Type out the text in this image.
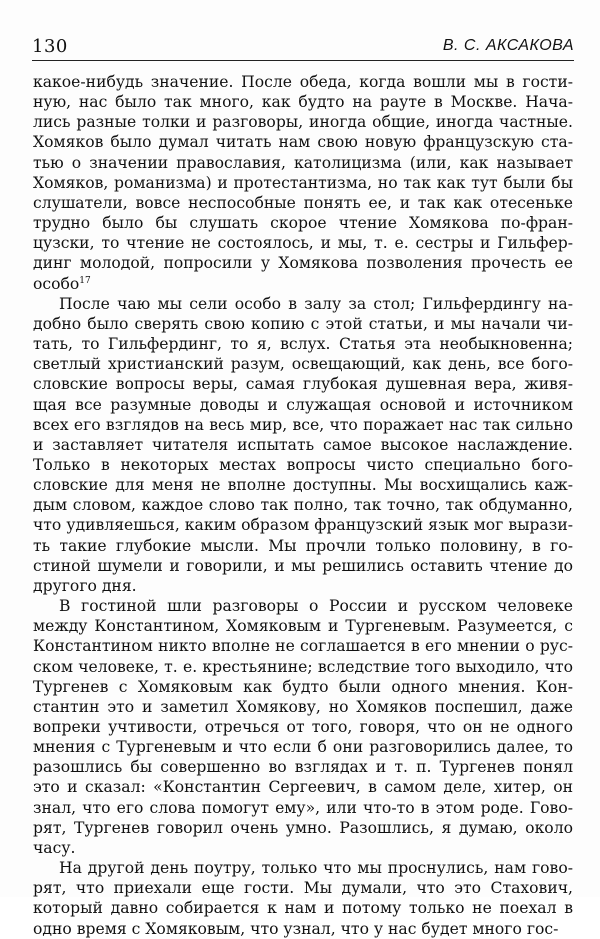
130	В. С. АКСАКОВА

какое-нибудь значение. После обеда, когда вошли мы в гостиную, нас было так много, как будто на рауте в Москве. Начались разные толки и разговоры, иногда общие, иногда частные. Хомяков было думал читать нам свою новую французскую статью о значении православия, католицизма (или, как называет Хомяков, романизма) и протестантизма, но так как тут были бы слушатели, вовсе неспособные понять ее, и так как отесеньке трудно было бы слушать скорое чтение Хомякова по-французски, то чтение не состоялось, и мы, т. е. сестры и Гильфердинг молодой, попросили у Хомякова позволения прочесть ее особо$^{17}$

После чаю мы сели особо в залу за стол; Гильфердингу надобно было сверять свою копию с этой статьи, и мы начали читать, то Гильфердинг, то я, вслух. Статья эта необыкновенна; светлый христианский разум, освещающий, как день, все богословские вопросы веры, самая глубокая душевная вера, живящая все разумные доводы и служащая основой и источником всех его взглядов на весь мир, все, что поражает нас так сильно и заставляет читателя испытать самое высокое наслаждение. Только в некоторых местах вопросы чисто специально богословские для меня не вполне доступны. Мы восхищались каждым словом, каждое слово так полно, так точно, так обдуманно, что удивляешься, каким образом французский язык мог выразить такие глубокие мысли. Мы прочли только половину, в гостиной шумели и говорили, и мы решились оставить чтение до другого дня.

В гостиной шли разговоры о России и русском человеке между Константином, Хомяковым и Тургеневым. Разумеется, с Константином никто вполне не соглашается в его мнении о русском человеке, т. е. крестьянине; вследствие того выходило, что Тургенев с Хомяковым как будто были одного мнения. Константин это и заметил Хомякову, но Хомяков поспешил, даже вопреки учтивости, отречься от того, говоря, что он не одного мнения с Тургеневым и что если б они разговорились далее, то разошлись бы совершенно во взглядах и т. п. Тургенев понял это и сказал: «Константин Сергеевич, в самом деле, хитер, он знал, что его слова помогут ему», или что-то в этом роде. Говорят, Тургенев говорил очень умно. Разошлись, я думаю, около часу.

На другой день поутру, только что мы проснулись, нам говорят, что приехали еще гости. Мы думали, что это Стахович, который давно собирается к нам и потому только не поехал в одно время с Хомяковым, что узнал, что у нас будет много гос-
